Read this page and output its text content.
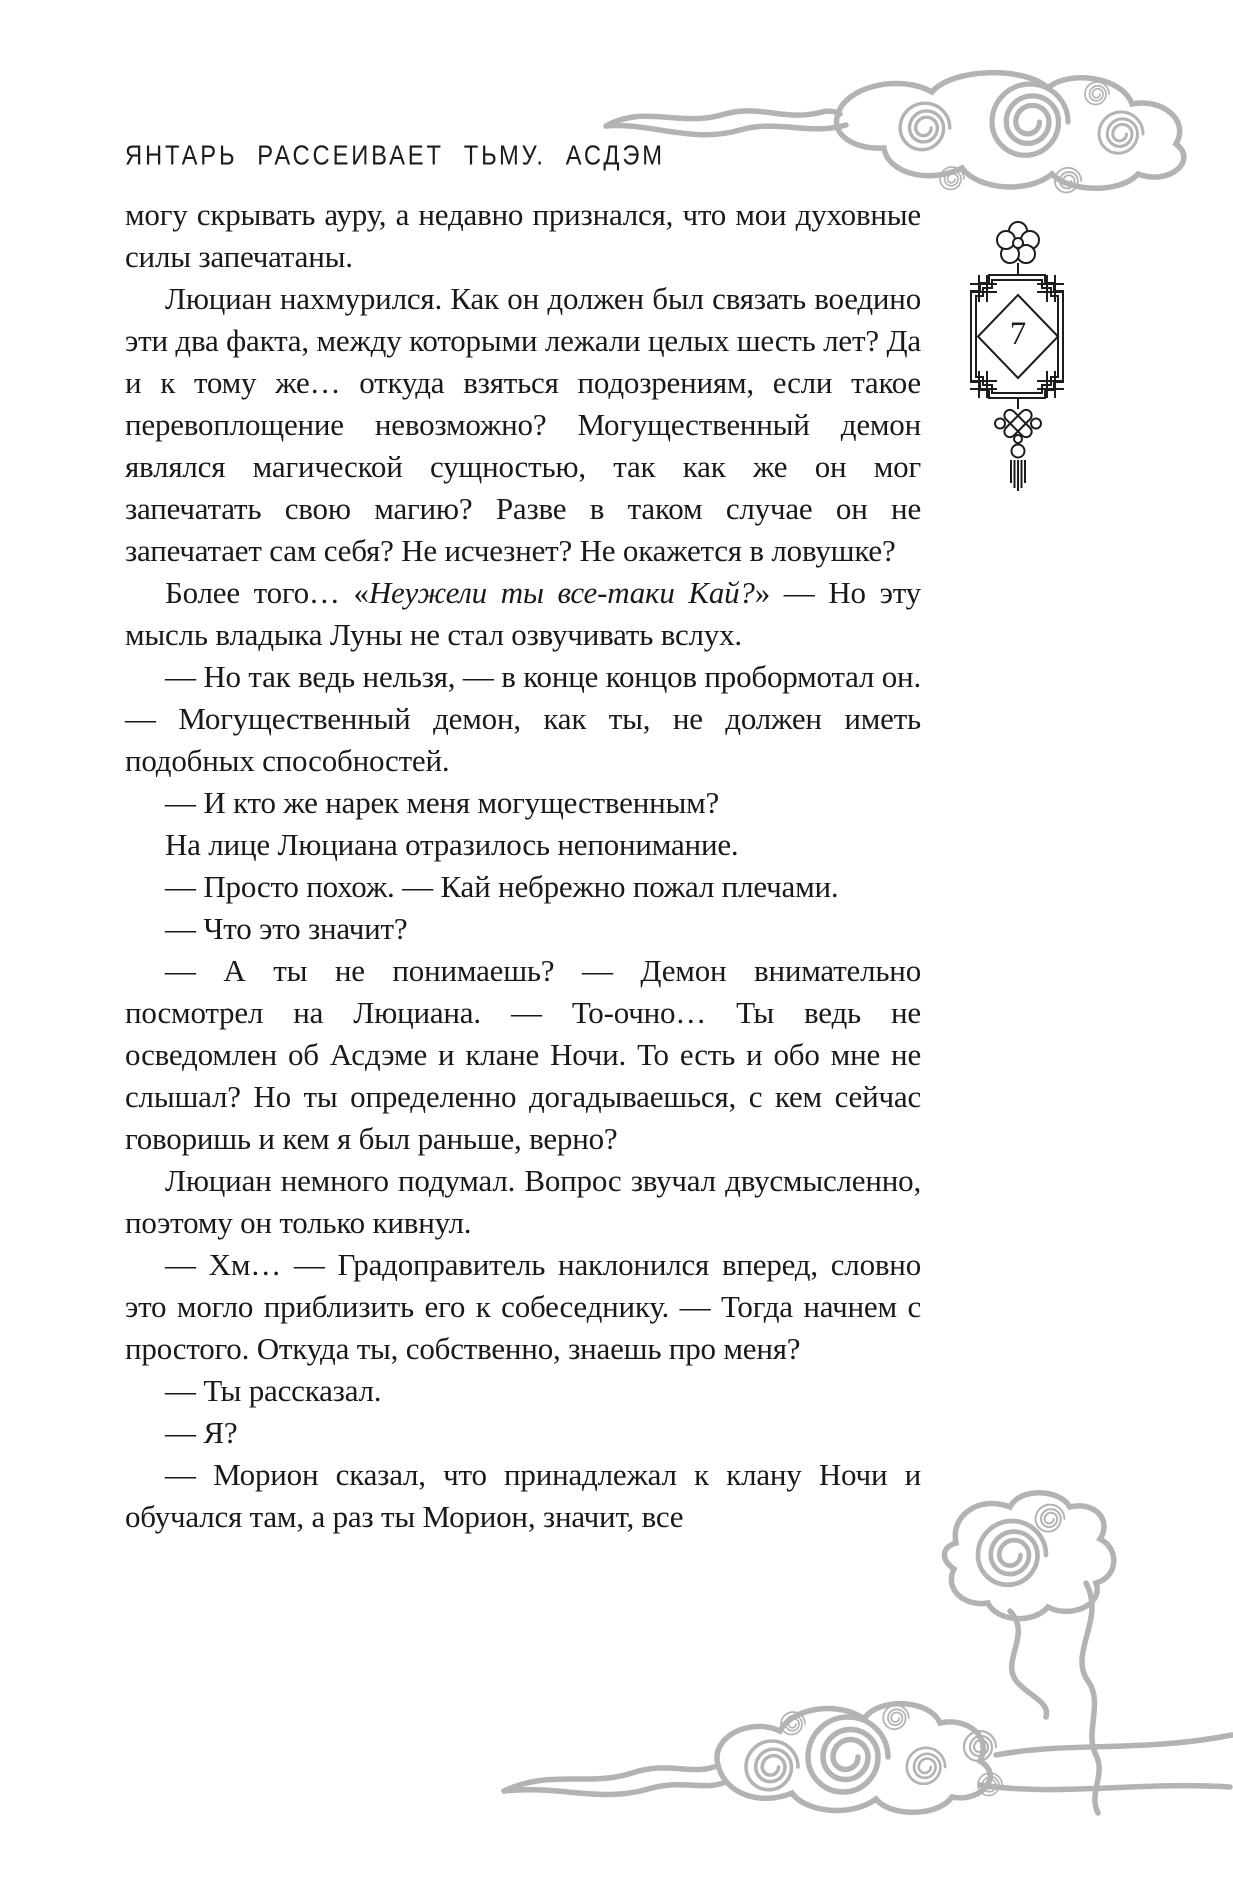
ЯНТАРЬ РАССЕИВАЕТ ТЬМУ. АСДЭМ
7

могу скрывать ауру, а недавно признался, что мои духовные силы запечатаны.

Люциан нахмурился. Как он должен был связать воедино эти два факта, между которыми лежали целых шесть лет? Да и к тому же… откуда взяться подозрениям, если такое перевоплощение невозможно? Могущественный демон являлся магической сущностью, так как же он мог запечатать свою магию? Разве в таком случае он не запечатает сам себя? Не исчезнет? Не окажется в ловушке?

Более того… «Неужели ты все-таки Кай?» — Но эту мысль владыка Луны не стал озвучивать вслух.

— Но так ведь нельзя, — в конце концов пробормотал он. — Могущественный демон, как ты, не должен иметь подобных способностей.

— И кто же нарек меня могущественным?

На лице Люциана отразилось непонимание.

— Просто похож. — Кай небрежно пожал плечами.

— Что это значит?

— А ты не понимаешь? — Демон внимательно посмотрел на Люциана. — То-очно… Ты ведь не осведомлен об Асдэме и клане Ночи. То есть и обо мне не слышал? Но ты определенно догадываешься, с кем сейчас говоришь и кем я был раньше, верно?

Люциан немного подумал. Вопрос звучал двусмысленно, поэтому он только кивнул.

— Хм… — Градоправитель наклонился вперед, словно это могло приблизить его к собеседнику. — Тогда начнем с простого. Откуда ты, собственно, знаешь про меня?

— Ты рассказал.

— Я?

— Морион сказал, что принадлежал к клану Ночи и обучался там, а раз ты Морион, значит, все
